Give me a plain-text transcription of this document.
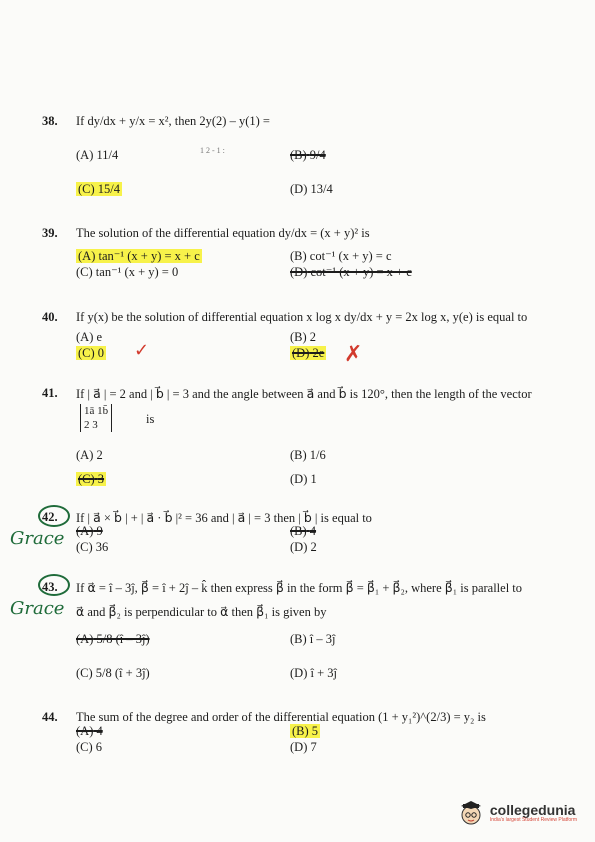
38. If dy/dx + y/x = x², then 2y(2) – y(1) =
1 2 - 1 :
(A) 11/4	(B) 9/4
(C) 15/4	(D) 13/4
39. The solution of the differential equation dy/dx = (x + y)² is
(A) tan⁻¹ (x + y) = x + c	(B) cot⁻¹ (x + y) = c
(C) tan⁻¹ (x + y) = 0	(D) cot⁻¹ (x + y) = x + c
40. If y(x) be the solution of differential equation x log x dy/dx + y = 2x log x, y(e) is equal to
(A) e	(B) 2
(C) 0 ✓	(D) 2e ✗
41. If | a⃗ | = 2 and | b⃗ | = 3 and the angle between a⃗ and b⃗ is 120°, then the length of the vector
1ā 1b̄
2 3	is
(A) 2	(B) 1/6
(C) 3	(D) 1
42. If | a⃗ × b⃗ | + | a⃗ · b⃗ |² = 36 and | a⃗ | = 3 then | b⃗ | is equal to
Grace (A) 9	(B) 4
(C) 36	(D) 2
43. If α⃗ = î – 3ĵ, β⃗ = î + 2ĵ – k̂ then express β⃗ in the form β⃗ = β⃗₁ + β⃗₂, where β⃗₁ is parallel to
α⃗ and β⃗₂ is perpendicular to α⃗ then β⃗₁ is given by
Grace
(A) 5/8 (î – 3ĵ)	(B) î – 3ĵ
(C) 5/8 (î + 3ĵ)	(D) î + 3ĵ
44. The sum of the degree and order of the differential equation (1 + y₁²)^(2/3) = y₂ is
(A) 4	(B) 5
(C) 6	(D) 7
collegedunia
India's largest Student Review Platform
